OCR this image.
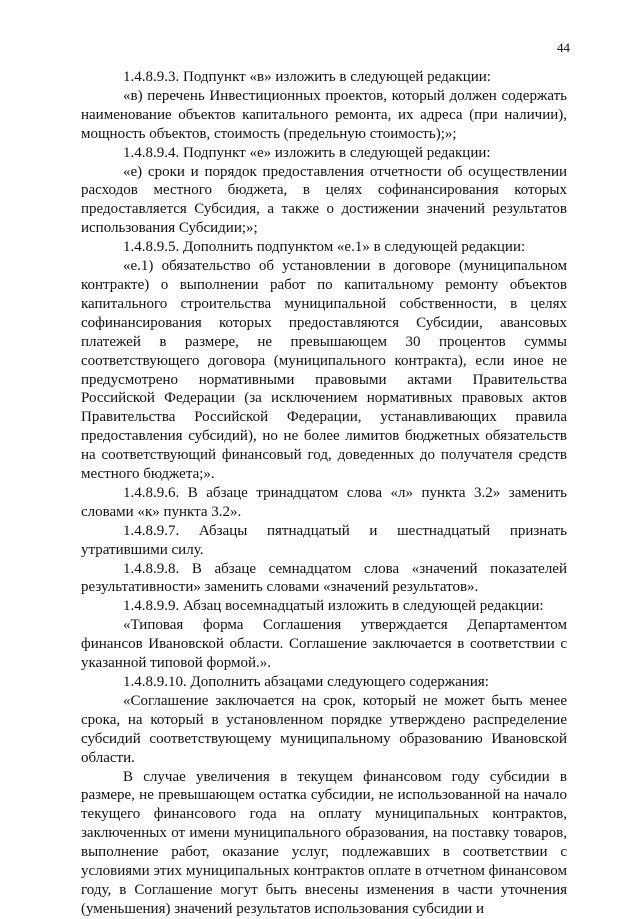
44

1.4.8.9.3. Подпункт «в» изложить в следующей редакции:

«в) перечень Инвестиционных проектов, который должен содержать наименование объектов капитального ремонта, их адреса (при наличии), мощность объектов, стоимость (предельную стоимость);»;

1.4.8.9.4. Подпункт «е» изложить в следующей редакции:

«е) сроки и порядок предоставления отчетности об осуществлении расходов местного бюджета, в целях софинансирования которых предоставляется Субсидия, а также о достижении значений результатов использования Субсидии;»;

1.4.8.9.5. Дополнить подпунктом «е.1» в следующей редакции:

«е.1) обязательство об установлении в договоре (муниципальном контракте) о выполнении работ по капитальному ремонту объектов капитального строительства муниципальной собственности, в целях софинансирования которых предоставляются Субсидии, авансовых платежей в размере, не превышающем 30 процентов суммы соответствующего договора (муниципального контракта), если иное не предусмотрено нормативными правовыми актами Правительства Российской Федерации (за исключением нормативных правовых актов Правительства Российской Федерации, устанавливающих правила предоставления субсидий), но не более лимитов бюджетных обязательств на соответствующий финансовый год, доведенных до получателя средств местного бюджета;».

1.4.8.9.6. В абзаце тринадцатом слова «л» пункта 3.2» заменить словами «к» пункта 3.2».

1.4.8.9.7. Абзацы пятнадцатый и шестнадцатый признать утратившими силу.

1.4.8.9.8. В абзаце семнадцатом слова «значений показателей результативности» заменить словами «значений результатов».

1.4.8.9.9. Абзац восемнадцатый изложить в следующей редакции:

«Типовая форма Соглашения утверждается Департаментом финансов Ивановской области. Соглашение заключается в соответствии с указанной типовой формой.».

1.4.8.9.10. Дополнить абзацами следующего содержания:

«Соглашение заключается на срок, который не может быть менее срока, на который в установленном порядке утверждено распределение субсидий соответствующему муниципальному образованию Ивановской области.

В случае увеличения в текущем финансовом году субсидии в размере, не превышающем остатка субсидии, не использованной на начало текущего финансового года на оплату муниципальных контрактов, заключенных от имени муниципального образования, на поставку товаров, выполнение работ, оказание услуг, подлежавших в соответствии с условиями этих муниципальных контрактов оплате в отчетном финансовом году, в Соглашение могут быть внесены изменения в части уточнения (уменьшения) значений результатов использования субсидии и
